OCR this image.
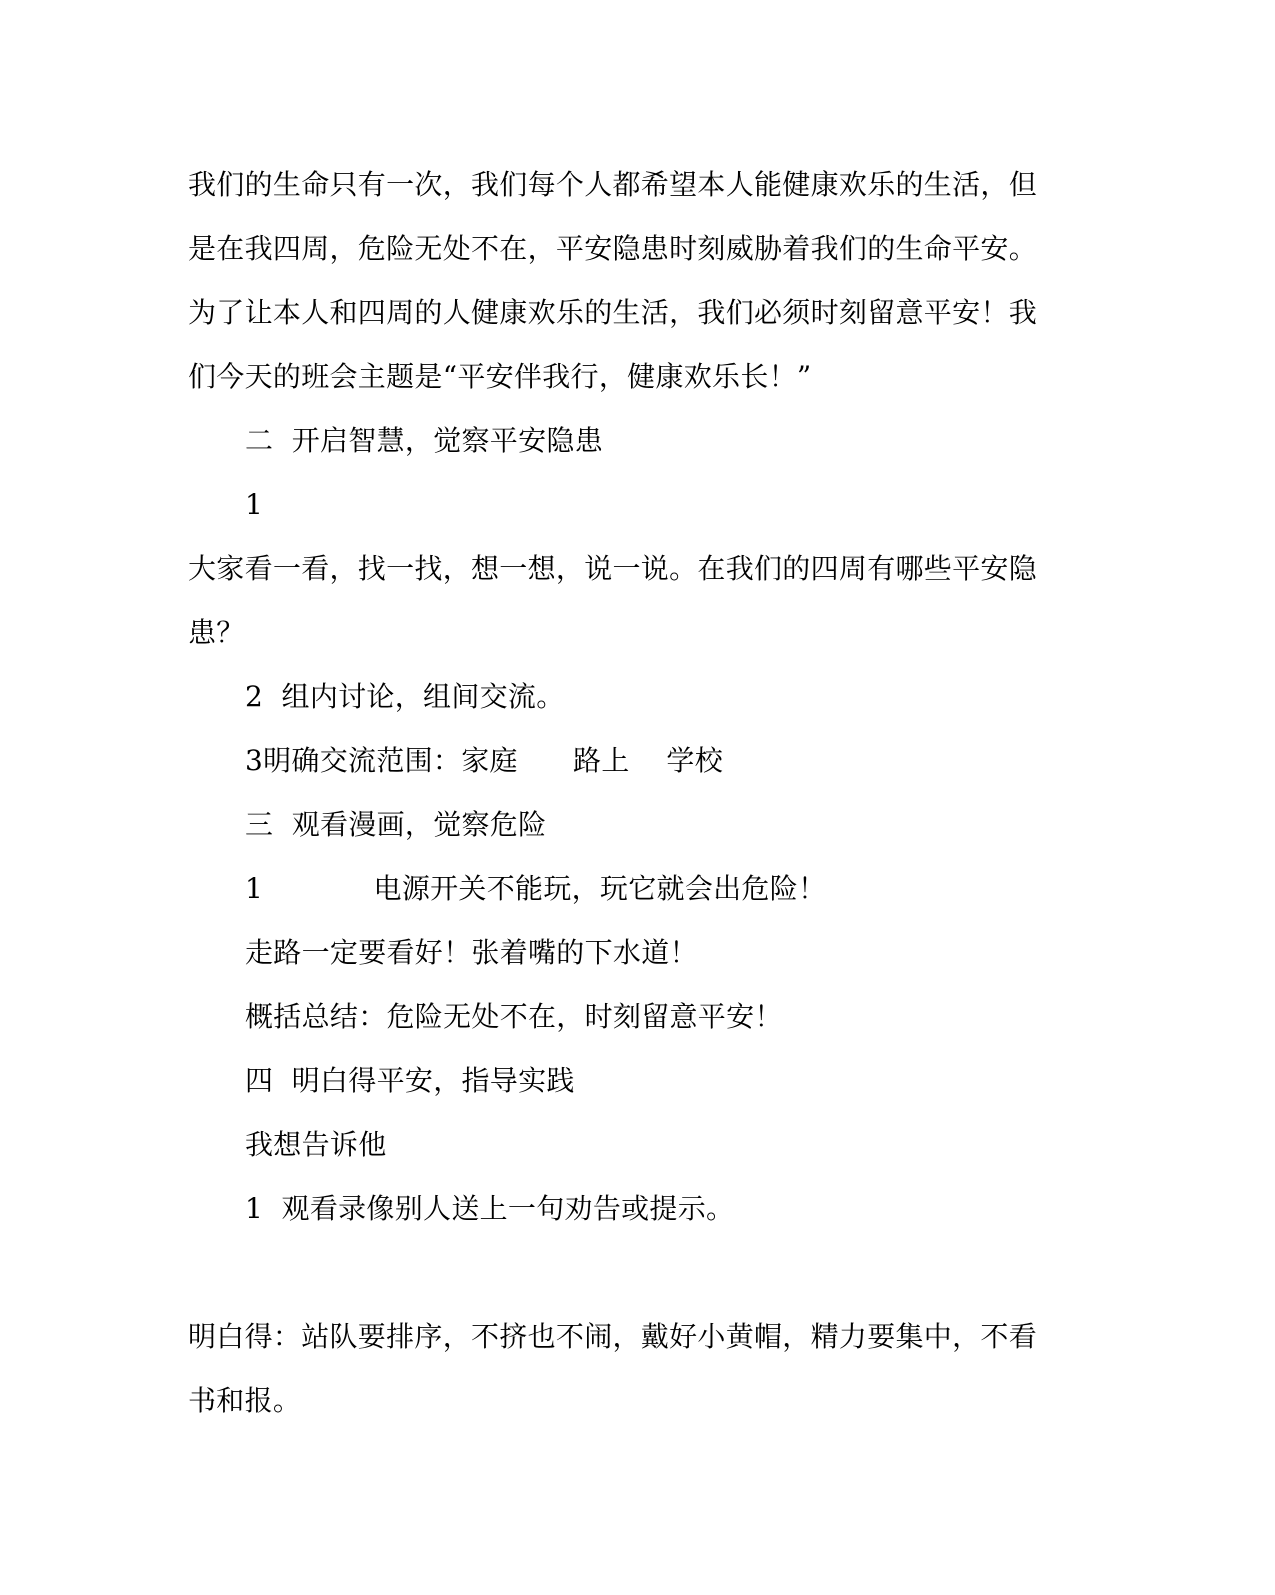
我们的生命只有一次，我们每个人都希望本人能健康欢乐的生活，但

是在我四周，危险无处不在，平安隐患时刻威胁着我们的生命平安。

为了让本人和四周的人健康欢乐的生活，我们必须时刻留意平安！我

们今天的班会主题是“平安伴我行，健康欢乐长！”

二  开启智慧，觉察平安隐患

1

大家看一看，找一找，想一想，说一说。在我们的四周有哪些平安隐

患？

2  组内讨论，组间交流。

3明确交流范围：家庭      路上    学校

三  观看漫画，觉察危险

1            电源开关不能玩，玩它就会出危险！

走路一定要看好！张着嘴的下水道！

概括总结：危险无处不在，时刻留意平安！

四  明白得平安，指导实践

我想告诉他

1  观看录像别人送上一句劝告或提示。

明白得：站队要排序，不挤也不闹，戴好小黄帽，精力要集中，不看

书和报。
